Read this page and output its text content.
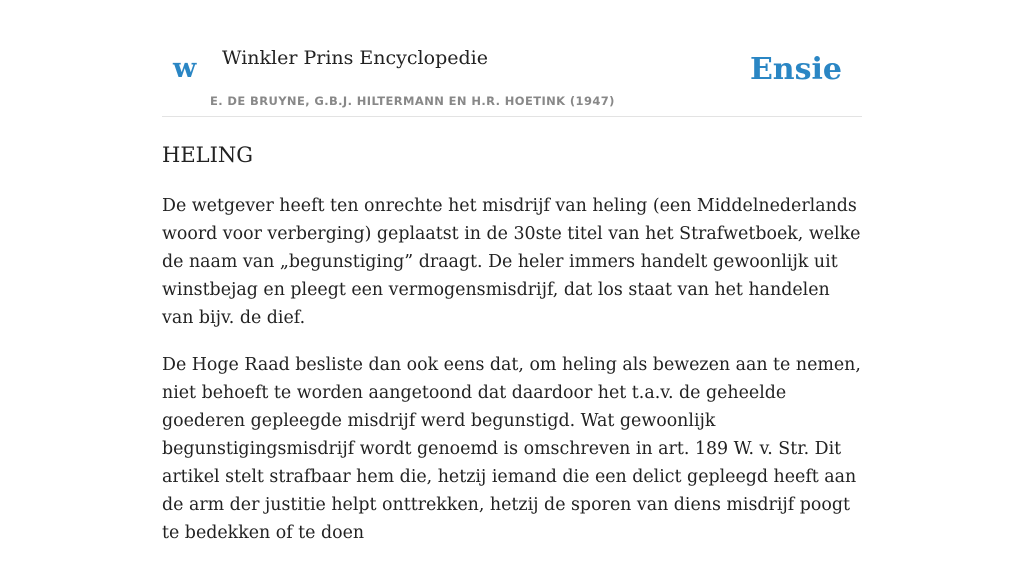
w Winkler Prins Encyclopedie
E. DE BRUYNE, G.B.J. HILTERMANN EN H.R. HOETINK (1947)
Ensie
HELING

De wetgever heeft ten onrechte het misdrijf van heling (een Middelnederlands woord voor verberging) geplaatst in de 30ste titel van het Strafwetboek, welke de naam van „begunstiging” draagt. De heler immers handelt gewoonlijk uit winstbejag en pleegt een vermogensmisdrijf, dat los staat van het handelen van bijv. de dief.

De Hoge Raad besliste dan ook eens dat, om heling als bewezen aan te nemen, niet behoeft te worden aangetoond dat daardoor het t.a.v. de geheelde goederen gepleegde misdrijf werd begunstigd. Wat gewoonlijk begunstigingsmisdrijf wordt genoemd is omschreven in art. 189 W. v. Str. Dit artikel stelt strafbaar hem die, hetzij iemand die een delict gepleegd heeft aan de arm der justitie helpt onttrekken, hetzij de sporen van diens misdrijf poogt te bedekken of te doen
